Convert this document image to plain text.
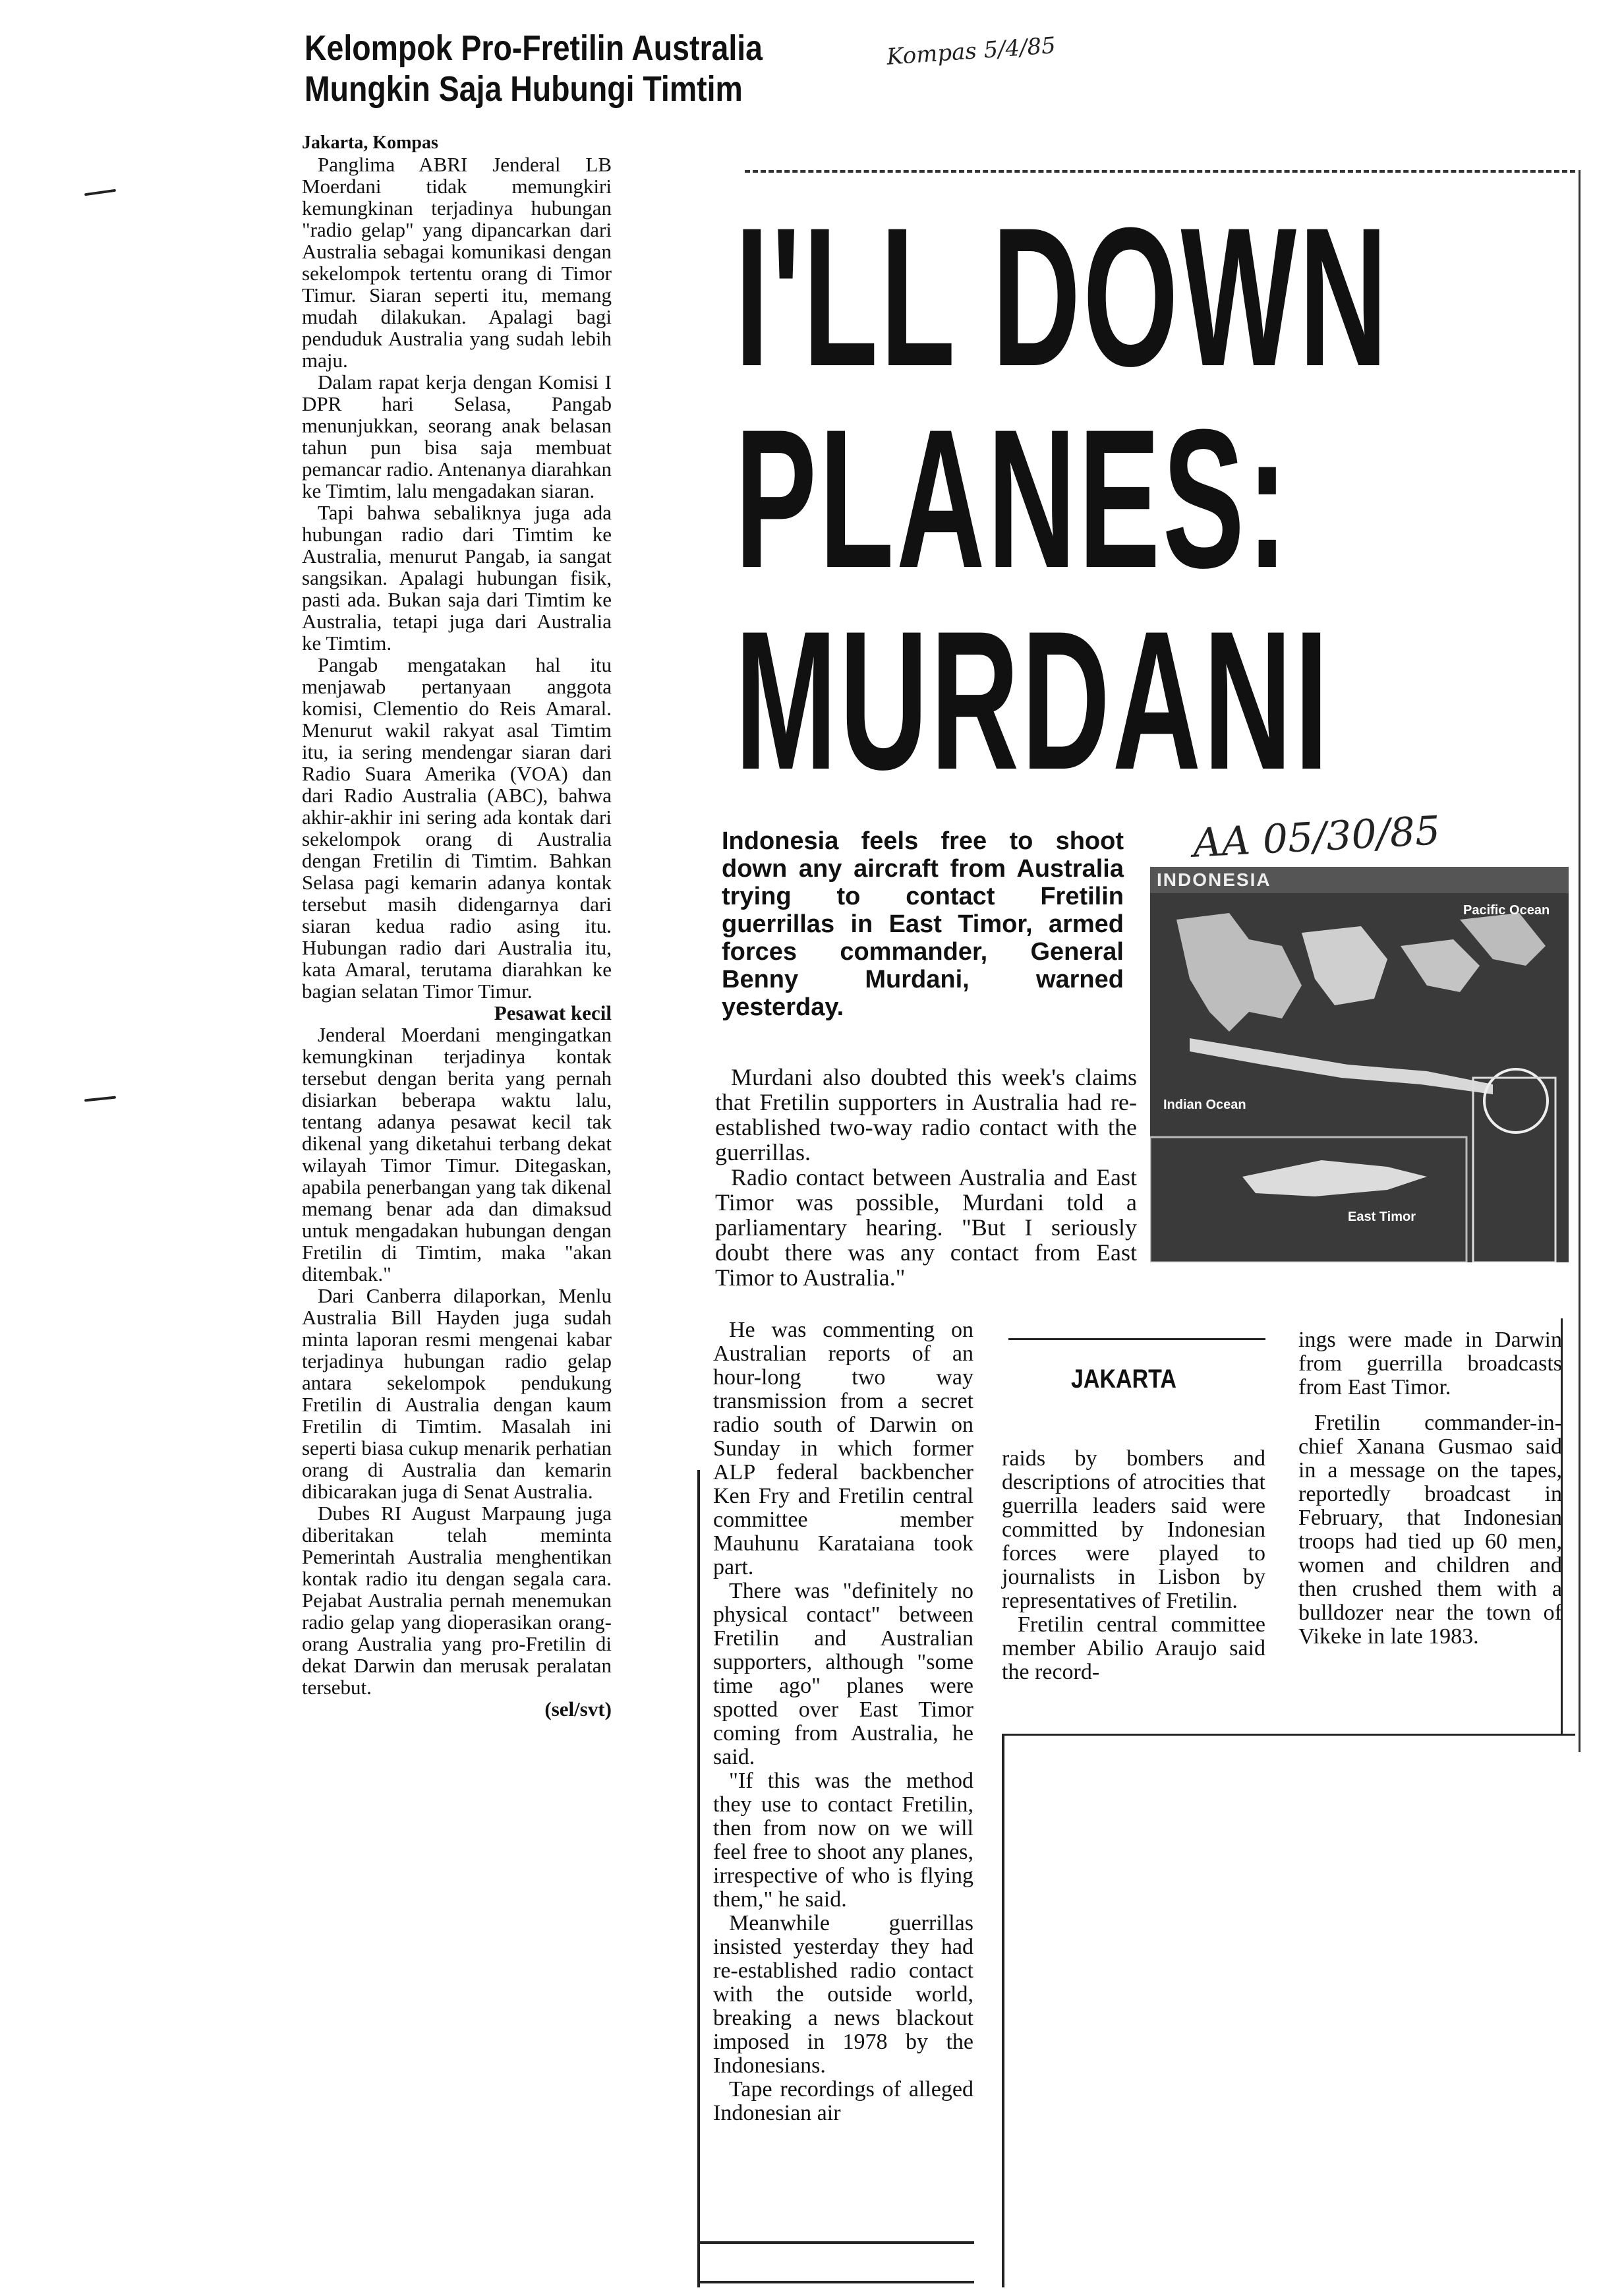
Kelompok Pro-Fretilin Australia
Mungkin Saja Hubungi Timtim
Kompas 5/4/85

Jakarta, Kompas

Panglima ABRI Jenderal LB Moerdani tidak memungkiri kemungkinan terjadinya hubungan "radio gelap" yang dipancarkan dari Australia sebagai komunikasi dengan sekelompok tertentu orang di Timor Timur. Siaran seperti itu, memang mudah dilakukan. Apalagi bagi penduduk Australia yang sudah lebih maju.

Dalam rapat kerja dengan Komisi I DPR hari Selasa, Pangab menunjukkan, seorang anak belasan tahun pun bisa saja membuat pemancar radio. Antenanya diarahkan ke Timtim, lalu mengadakan siaran.

Tapi bahwa sebaliknya juga ada hubungan radio dari Timtim ke Australia, menurut Pangab, ia sangat sangsikan. Apalagi hubungan fisik, pasti ada. Bukan saja dari Timtim ke Australia, tetapi juga dari Australia ke Timtim.

Pangab mengatakan hal itu menjawab pertanyaan anggota komisi, Clementio do Reis Amaral. Menurut wakil rakyat asal Timtim itu, ia sering mendengar siaran dari Radio Suara Amerika (VOA) dan dari Radio Australia (ABC), bahwa akhir-akhir ini sering ada kontak dari sekelompok orang di Australia dengan Fretilin di Timtim. Bahkan Selasa pagi kemarin adanya kontak tersebut masih didengarnya dari siaran kedua radio asing itu. Hubungan radio dari Australia itu, kata Amaral, terutama diarahkan ke bagian selatan Timor Timur.

Pesawat kecil

Jenderal Moerdani mengingatkan kemungkinan terjadinya kontak tersebut dengan berita yang pernah disiarkan beberapa waktu lalu, tentang adanya pesawat kecil tak dikenal yang diketahui terbang dekat wilayah Timor Timur. Ditegaskan, apabila penerbangan yang tak dikenal memang benar ada dan dimaksud untuk mengadakan hubungan dengan Fretilin di Timtim, maka "akan ditembak."

Dari Canberra dilaporkan, Menlu Australia Bill Hayden juga sudah minta laporan resmi mengenai kabar terjadinya hubungan radio gelap antara sekelompok pendukung Fretilin di Australia dengan kaum Fretilin di Timtim. Masalah ini seperti biasa cukup menarik perhatian orang di Australia dan kemarin dibicarakan juga di Senat Australia.

Dubes RI August Marpaung juga diberitakan telah meminta Pemerintah Australia menghentikan kontak radio itu dengan segala cara. Pejabat Australia pernah menemukan radio gelap yang dioperasikan orang-orang Australia yang pro-Fretilin di dekat Darwin dan merusak peralatan tersebut.

(sel/svt)

I'LL DOWN
PLANES:
MURDANI
AA 05/30/85
Indonesia feels free to shoot down any aircraft from Australia trying to contact Fretilin guerrillas in East Timor, armed forces commander, General Benny Murdani, warned yesterday.
INDONESIA
Pacific Ocean
Indian Ocean
East Timor

Murdani also doubted this week's claims that Fretilin supporters in Australia had re-established two-way radio contact with the guerrillas.

Radio contact between Australia and East Timor was possible, Murdani told a parliamentary hearing. "But I seriously doubt there was any contact from East Timor to Australia."

He was commenting on Australian reports of an hour-long two way transmission from a secret radio south of Darwin on Sunday in which former ALP federal backbencher Ken Fry and Fretilin central committee member Mauhunu Karataiana took part.

There was "definitely no physical contact" between Fretilin and Australian supporters, although "some time ago" planes were spotted over East Timor coming from Australia, he said.

"If this was the method they use to contact Fretilin, then from now on we will feel free to shoot any planes, irrespective of who is flying them," he said.

Meanwhile guerrillas insisted yesterday they had re-established radio contact with the outside world, breaking a news blackout imposed in 1978 by the Indonesians.

Tape recordings of alleged Indonesian air

JAKARTA

raids by bombers and descriptions of atrocities that guerrilla leaders said were committed by Indonesian forces were played to journalists in Lisbon by representatives of Fretilin.

Fretilin central committee member Abilio Araujo said the record-

ings were made in Darwin from guerrilla broadcasts from East Timor.

Fretilin commander-in-chief Xanana Gusmao said in a message on the tapes, reportedly broadcast in February, that Indonesian troops had tied up 60 men, women and children and then crushed them with a bulldozer near the town of Vikeke in late 1983.
